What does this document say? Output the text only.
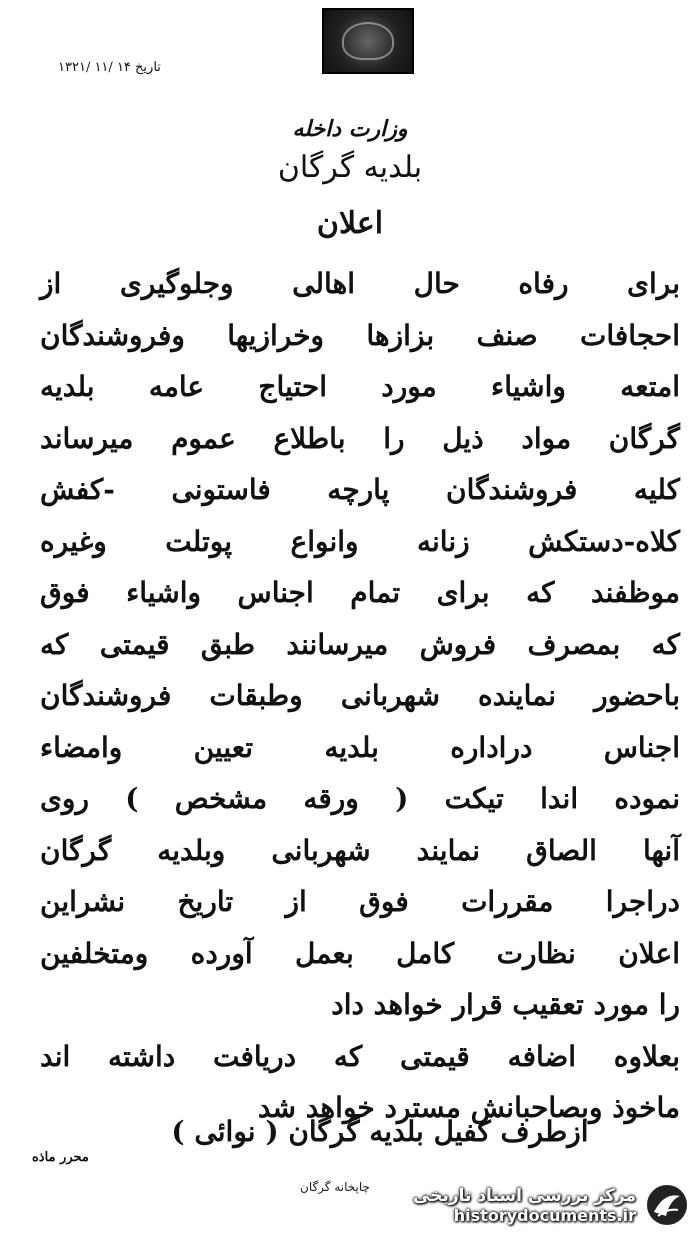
تاریخ ۱۴ /۱۱ /۱۳۲۱
وزارت داخله
بلدیه گرگان
اعلان
برای رفاه حال اهالی وجلوگیری از
احجافات صنف بزازها وخرازیها وفروشندگان
امتعه واشیاء مورد احتیاج عامه بلدیه
گرگان مواد ذیل را باطلاع عموم میرساند
کلیه فروشندگان پارچه فاستونی -کفش
کلاه-دستکش زنانه وانواع پوتلت وغیره
موظفند که برای تمام اجناس واشیاء فوق
که بمصرف فروش میرسانند طبق قیمتی که
باحضور نماینده شهربانی وطبقات فروشندگان
اجناس دراداره بلدیه تعیین وامضاء
نموده اندا تیکت ( ورقه مشخص ) روی
آنها الصاق نمایند شهربانی وبلدیه گرگان
دراجرا مقررات فوق از تاریخ نشراین
اعلان نظارت کامل بعمل آورده ومتخلفین
را مورد تعقیب قرار خواهد داد
بعلاوه اضافه قیمتی که دریافت داشته اند
ماخوذ وبصاحبانش مسترد خواهد شد
ازطرف کفیل بلدیه گرگان ( نوائی )
محرر ماذه
چاپخانه گرگان	مرکز بررسی اسناد تاریخی
historydocuments.ir
